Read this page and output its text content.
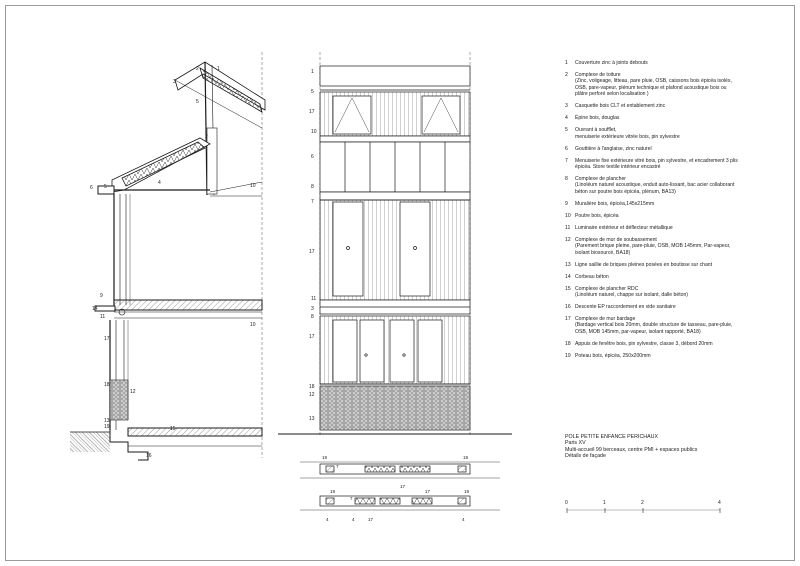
3
1
2
5
2
4
6 5	10
9
14
11
10
17
18
12
13
15
16
19
1
5
17
10
6
8
7
17
11
3
8
17
18
12
13
19
7
17
19
4
19
7
17
4	4
17	19
1 Couverture zinc à joints debouts
2 Complexe de toiture
(Zinc, voligeage, litteau, pare pluie, OSB, caissons bois épicéa isolés,
OSB, pare-vapeur, plénum technique et plafond acoustique bois ou
plâtre perforé selon localisation )
3 Casquette bois CLT et entablement zinc
4 Épine bois, douglas
5 Ouvrant à soufflet,
menuiserie extérieure vitrée bois, pin sylvestre
6 Gouttière à l'anglaise, zinc naturel
7 Menuiserie fixe extérieure vitré bois, pin sylvestre, et encadrement 3 plis
épicéa. Store textile intérieur encastré
8 Complexe de plancher
(Linoléum naturel acoustique, enduit auto-lissant, bac acier collaborant
béton sur poutre bois épicéa, plénum, BA13)
9 Muralière bois, épicéa,145x215mm
10 Poutre bois, épicéa
11 Luminaire extérieur et déflecteur métallique
12 Complexe de mur de soubassement
(Parement brique pleine, pare-pluie, OSB, MOB 145mm, Par-vapeur,
isolant biosourcé, BA18)
13 Ligne saillie de briques pleines posées en boutisse sur chant
14 Corbeau béton
15 Complexe de plancher RDC
(Linoléum naturel, chappe sur isolant, dalle béton)
16 Descente EP raccordement en vide sanitaire
17 Complexe de mur bardage
(Bardage vertical bois 20mm, double structure de tasseau, pare-pluie,
OSB, MOB 145mm, par-vapeur, isolant rapporté, BA18)
18 Appuis de fenêtre bois, pin sylvestre, classe 3, débord 20mm
19 Poteau bois, épicéa, 250x200mm
POLE PETITE ENFANCE PERICHAUX
Paris XV
Multi-accueil 99 berceaux, centre PMI + espaces publics
Détails de façade
0	1	2	4
